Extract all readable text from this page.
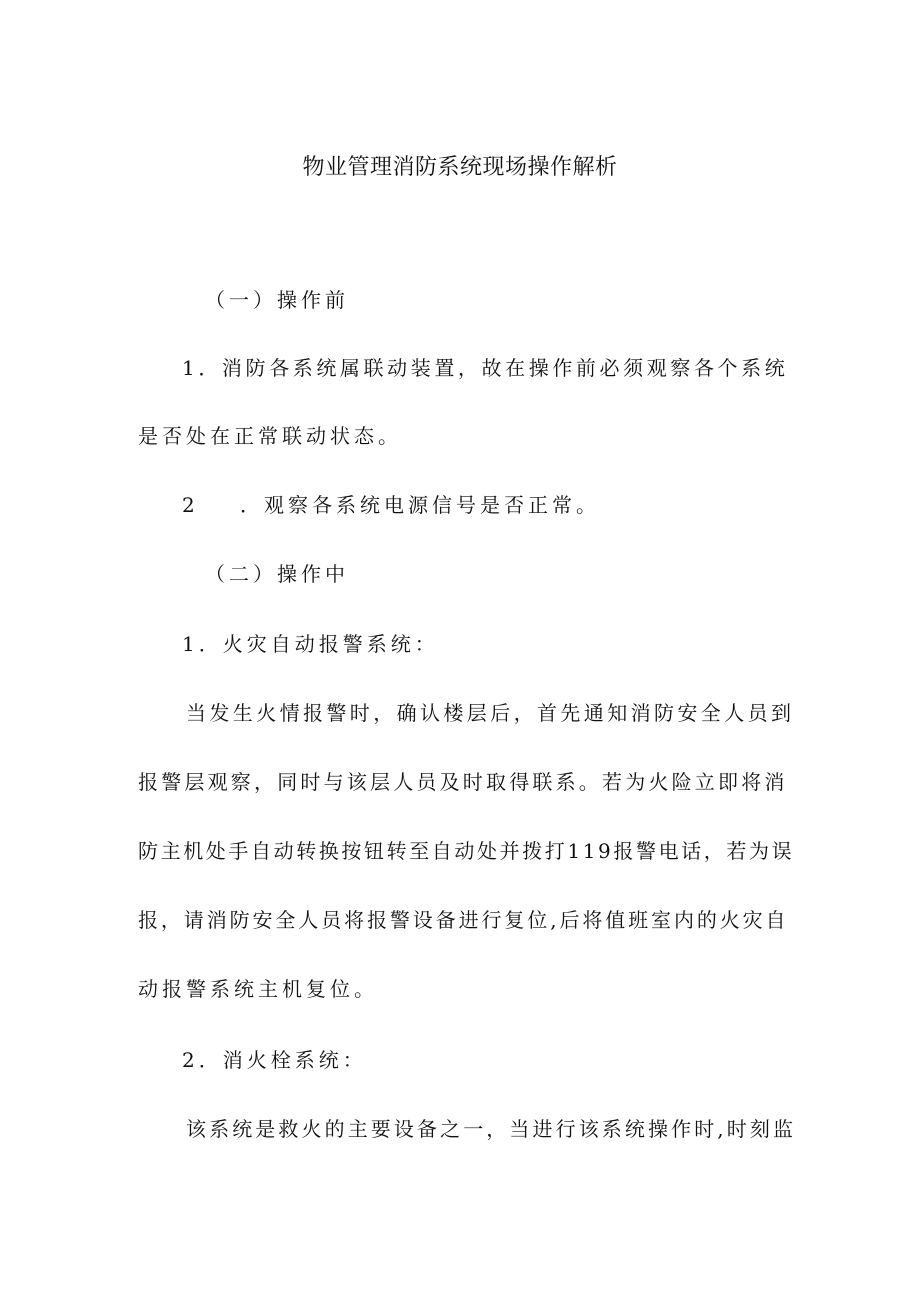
物业管理消防系统现场操作解析
（一）操作前
1．消防各系统属联动装置，故在操作前必须观察各个系统
是否处在正常联动状态。
2	．观察各系统电源信号是否正常。
（二）操作中
1．火灾自动报警系统：
当发生火情报警时，确认楼层后，首先通知消防安全人员到
报警层观察，同时与该层人员及时取得联系。若为火险立即将消
防主机处手自动转换按钮转至自动处并拨打119报警电话，若为误
报，请消防安全人员将报警设备进行复位,后将值班室内的火灾自
动报警系统主机复位。
2．消火栓系统：
该系统是救火的主要设备之一，当进行该系统操作时,时刻监
